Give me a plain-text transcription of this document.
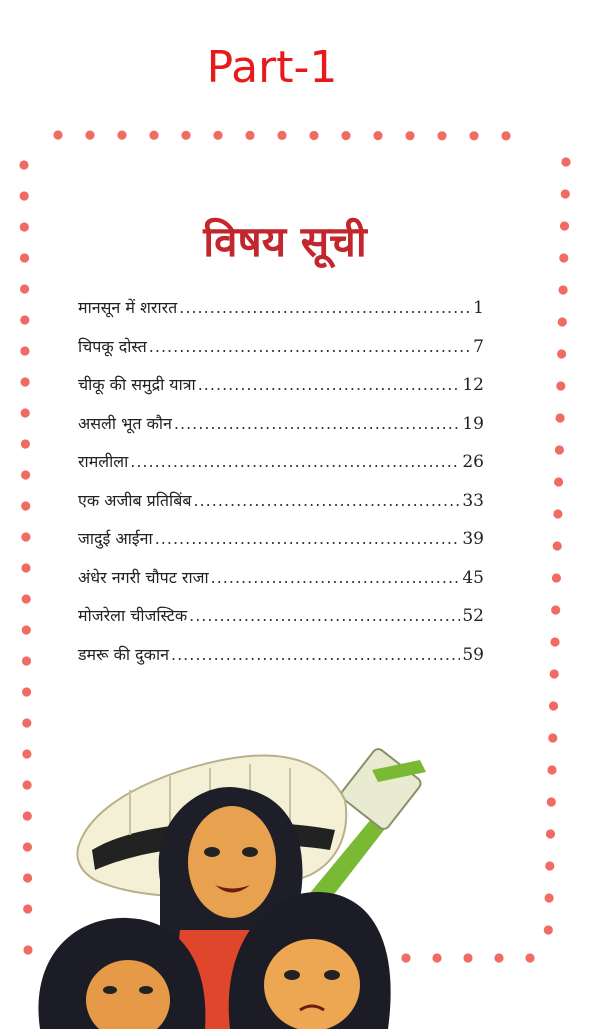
Part-1
विषय सूची
मानसून में शरारत .....	1
चिपकू दोस्त .....	7
चीकू की समुद्री यात्रा .....	12
असली भूत कौन .....	19
रामलीला .....	26
एक अजीब प्रतिबिंब .....	33
जादुई आईना .....	39
अंधेर नगरी चौपट राजा .....	45
मोजरेला चीजस्टिक .....	52
डमरू की दुकान .....	59
